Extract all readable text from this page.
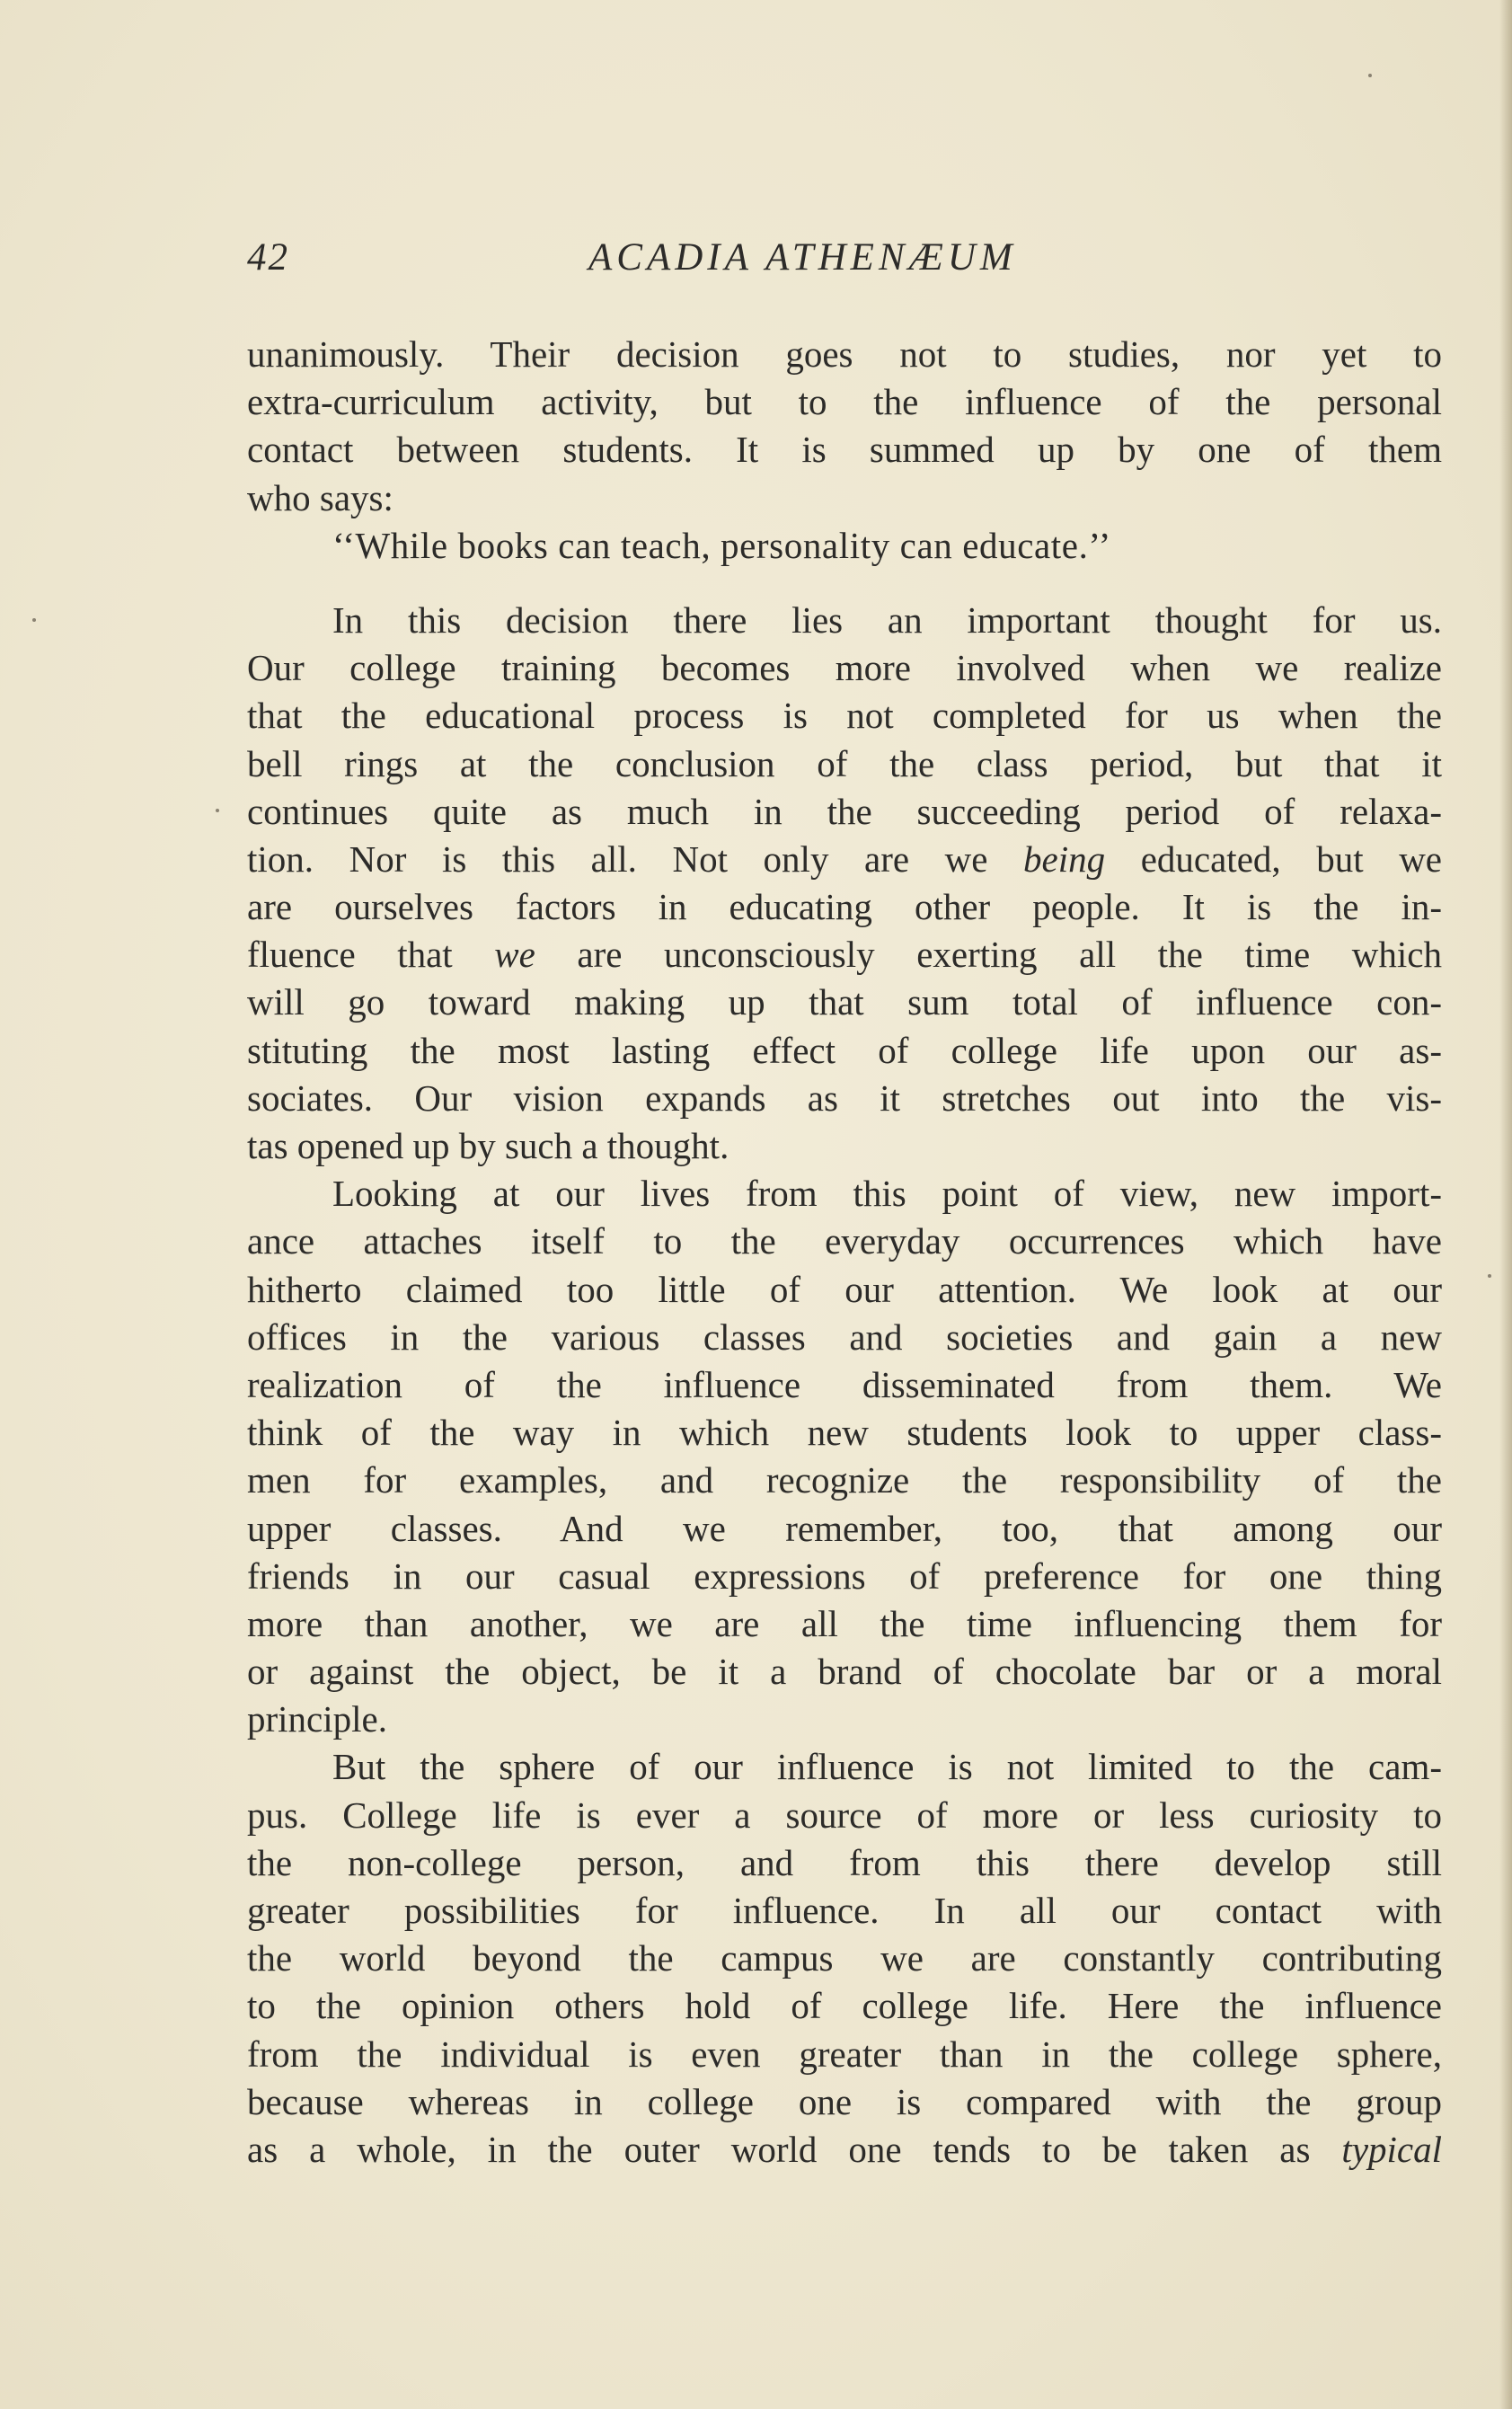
42	ACADIA ATHENÆUM
unanimously. Their decision goes not to studies, nor yet to
extra-curriculum activity, but to the influence of the personal
contact between students. It is summed up by one of them
who says:
‘‘While books can teach, personality can educate.’’
In this decision there lies an important thought for us.
Our college training becomes more involved when we realize
that the educational process is not completed for us when the
bell rings at the conclusion of the class period, but that it
continues quite as much in the succeeding period of relaxa-
tion. Nor is this all. Not only are we being educated, but we
are ourselves factors in educating other people. It is the in-
fluence that we are unconsciously exerting all the time which
will go toward making up that sum total of influence con-
stituting the most lasting effect of college life upon our as-
sociates. Our vision expands as it stretches out into the vis-
tas opened up by such a thought.
Looking at our lives from this point of view, new import-
ance attaches itself to the everyday occurrences which have
hitherto claimed too little of our attention. We look at our
offices in the various classes and societies and gain a new
realization of the influence disseminated from them. We
think of the way in which new students look to upper class-
men for examples, and recognize the responsibility of the
upper classes. And we remember, too, that among our
friends in our casual expressions of preference for one thing
more than another, we are all the time influencing them for
or against the object, be it a brand of chocolate bar or a moral
principle.
But the sphere of our influence is not limited to the cam-
pus. College life is ever a source of more or less curiosity to
the non-college person, and from this there develop still
greater possibilities for influence. In all our contact with
the world beyond the campus we are constantly contributing
to the opinion others hold of college life. Here the influence
from the individual is even greater than in the college sphere,
because whereas in college one is compared with the group
as a whole, in the outer world one tends to be taken as typical
